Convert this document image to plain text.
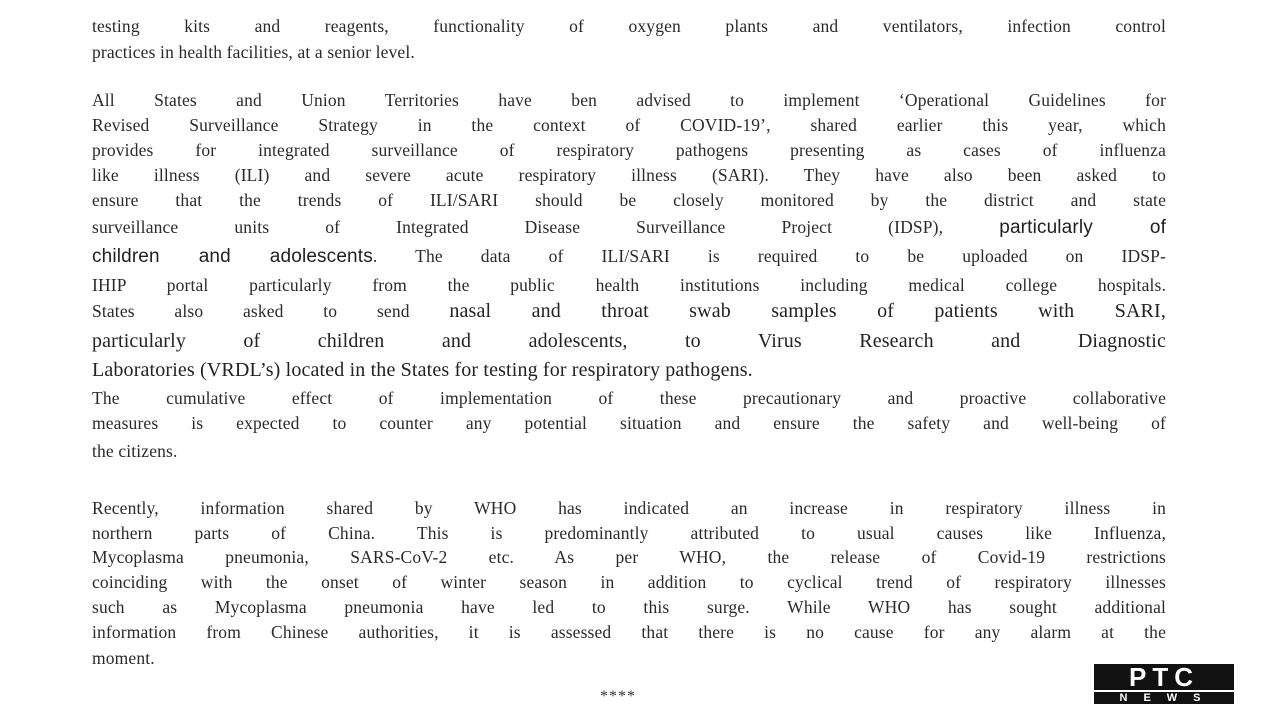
testing kits and reagents, functionality of oxygen plants and ventilators, infection control
practices in health facilities, at a senior level.
All States and Union Territories have ben advised to implement ‘Operational Guidelines for
Revised Surveillance Strategy in the context of COVID-19’, shared earlier this year, which
provides for integrated surveillance of respiratory pathogens presenting as cases of influenza
like illness (ILI) and severe acute respiratory illness (SARI). They have also been asked to
ensure that the trends of ILI/SARI should be closely monitored by the district and state
surveillance units of Integrated Disease Surveillance Project (IDSP),	particularly of
children and adolescents. The data of ILI/SARI is required to be uploaded on IDSP-
IHIP portal particularly from the public health institutions including medical college hospitals.
States also asked to send nasal and throat swab samples of patients with SARI,
particularly of children and adolescents, to Virus Research and Diagnostic
Laboratories (VRDL’s) located in the States for testing for respiratory pathogens.
The cumulative effect of implementation of these precautionary and proactive collaborative
measures is expected to counter any potential situation and ensure the safety and well-being of
the citizens.
Recently, information shared by WHO has indicated an increase in respiratory illness in
northern parts of China. This is predominantly attributed to usual causes like Influenza,
Mycoplasma pneumonia, SARS-CoV-2 etc. As per WHO, the release of Covid-19 restrictions
coinciding with the onset of winter season in addition to cyclical trend of respiratory illnesses
such as Mycoplasma pneumonia have led to this surge. While WHO has sought additional
information from Chinese authorities, it is assessed that there is no cause for any alarm at the
moment.
****
PTC
NEWS
